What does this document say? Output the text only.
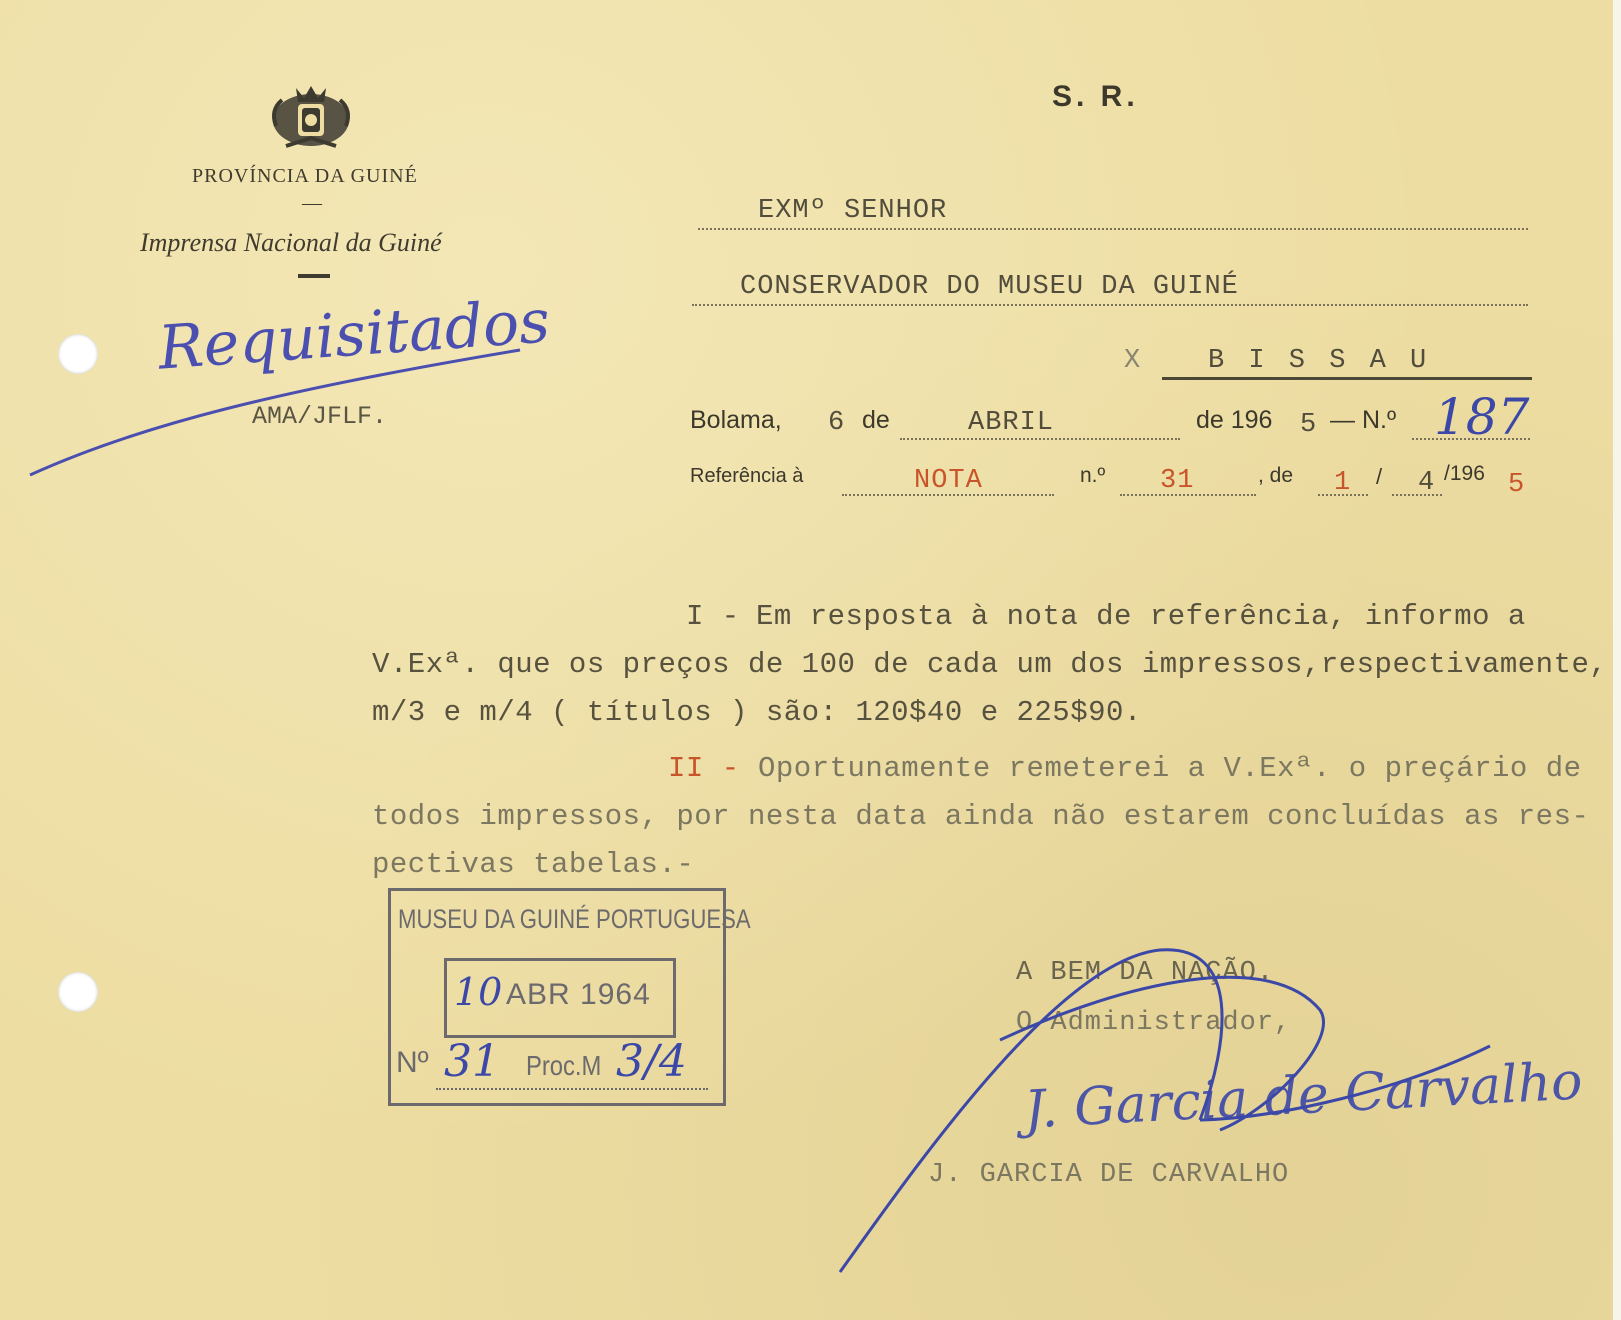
PROVÍNCIA DA GUINÉ
—
Imprensa Nacional da Guiné
Requisitados
AMA/JFLF.
S. R.
EXMº SENHOR
CONSERVADOR DO MUSEU DA GUINÉ
X B I S S A U
Bolama, 6 de	ABRIL	de 196 5 — N.º 187
Referência à	NOTA	n.º 31	, de 1 / 4 /196 5
I - Em resposta à nota de referência, informo a
V.Exª. que os preços de 100 de cada um dos impressos,respectivamente,
m/3 e m/4 ( títulos ) são: 120$40 e 225$90.
II - Oportunamente remeterei a V.Exª. o preçário de
todos impressos, por nesta data ainda não estarem concluídas as res-
pectivas tabelas.-
MUSEU DA GUINÉ PORTUGUESA
10 ABR 1964
Nº 31 Proc.M 3/4
A BEM DA NAÇÃO.
O Administrador,
J. Garcia de Carvalho
J. GARCIA DE CARVALHO
